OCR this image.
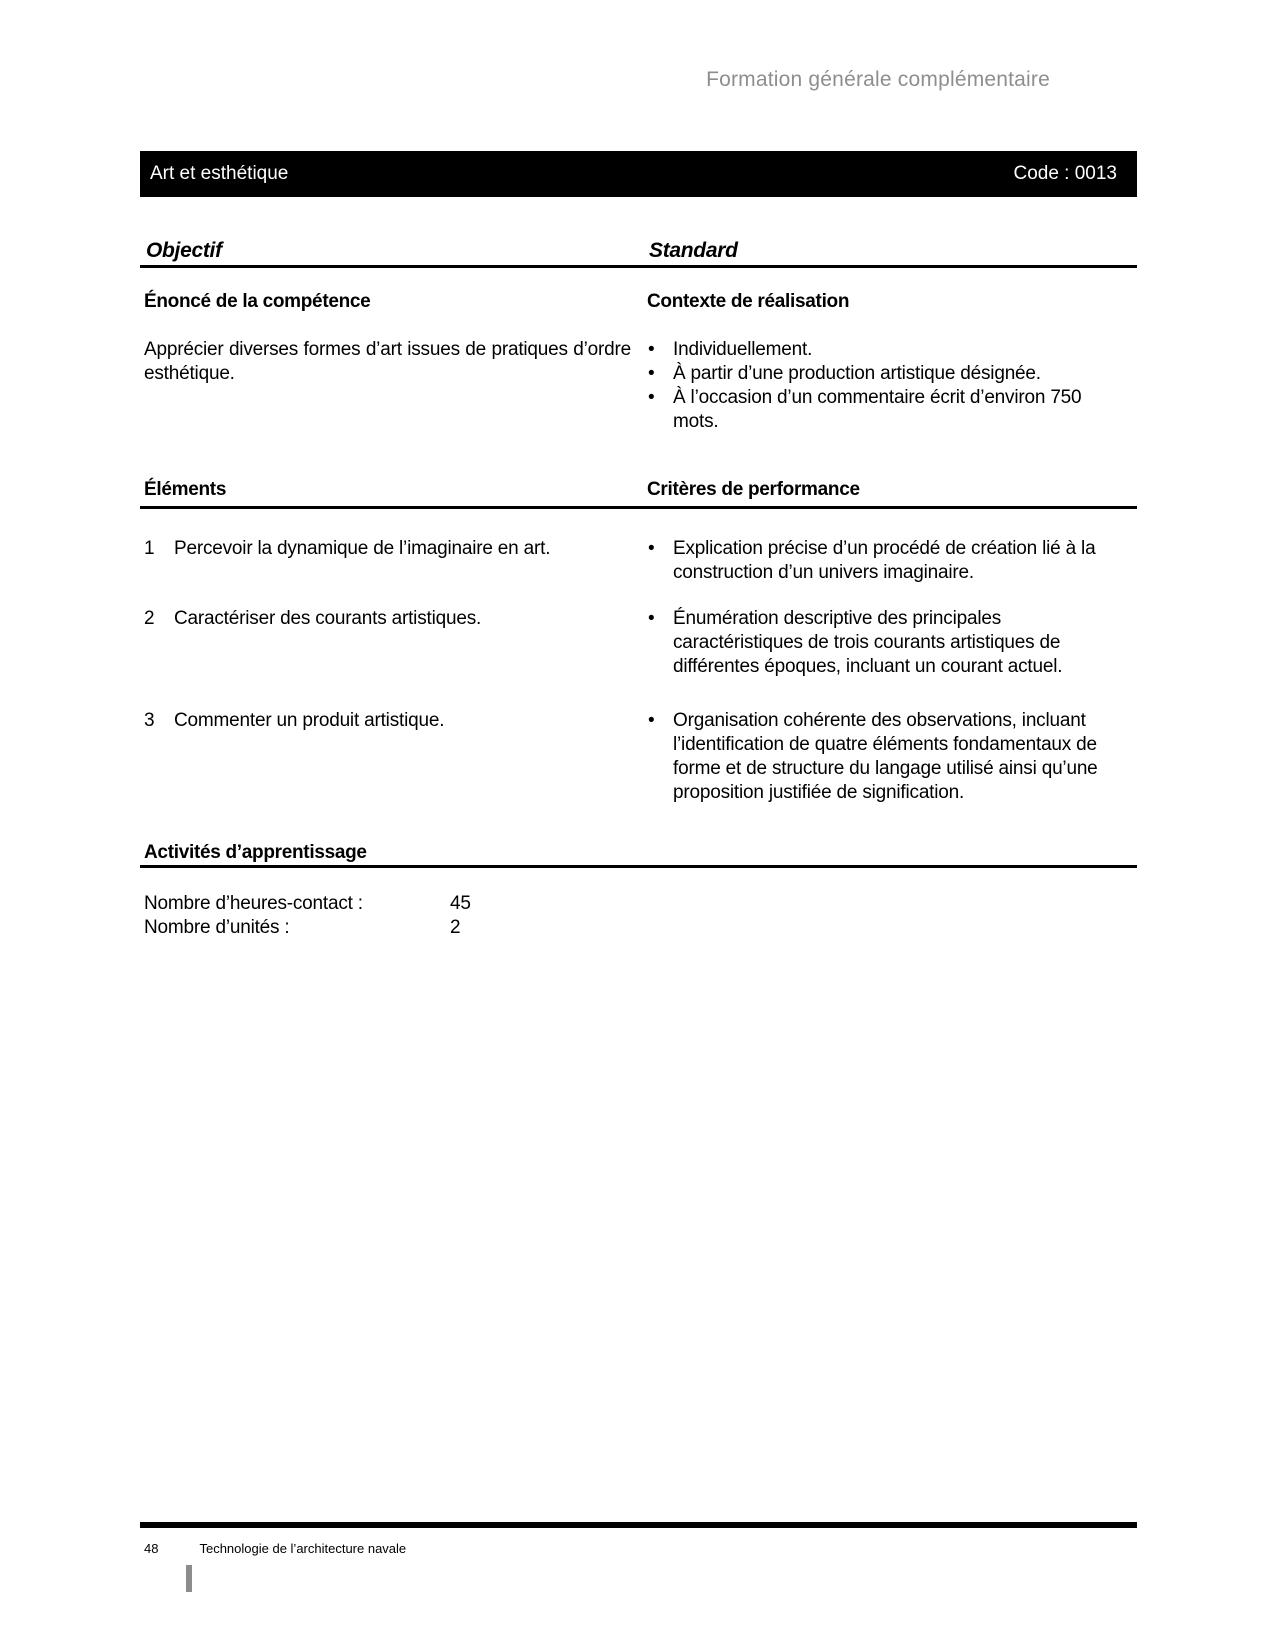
Formation générale complémentaire
Art et esthétique	Code : 0013
Objectif	Standard
Énoncé de la compétence	Contexte de réalisation

Apprécier diverses formes d’art issues de pratiques d’ordre esthétique.

• Individuellement.
• À partir d’une production artistique désignée.
• À l’occasion d’un commentaire écrit d’environ 750 mots.
Éléments	Critères de performance
1	Percevoir la dynamique de l’imaginaire en art.	• Explication précise d’un procédé de création lié à la construction d’un univers imaginaire.
2	Caractériser des courants artistiques.	• Énumération descriptive des principales caractéristiques de trois courants artistiques de différentes époques, incluant un courant actuel.
3	Commenter un produit artistique.	• Organisation cohérente des observations, incluant l’identification de quatre éléments fondamentaux de forme et de structure du langage utilisé ainsi qu’une proposition justifiée de signification.
Activités d’apprentissage
Nombre d’heures-contact :	45
Nombre d’unités :	2
48	Technologie de l’architecture navale
